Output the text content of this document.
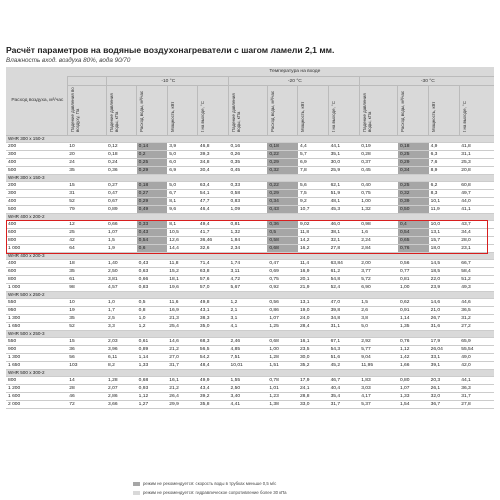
Расчёт параметров на водяные воздухонагреватели с шагом ламели 2,1 мм.
Влажность вход. воздуха 80%, вода 90/70
Расход воздуха, м³/час						Температура на входе							
		-10 °С				-20 °С				-30 °С			
	Падение давления по воздуху, Па	Падение давления воды, кПа	Расход воды, м³/час	Мощность, кВт	t на выходе, °С	Падение давления воды, кПа	Расход воды, м³/час	Мощность, кВт	t на выходе, °С	Падение давления воды, кПа	Расход воды, м³/час	Мощность, кВт	t на выходе, °С
WHR 300 x 150-2													
200	10	0,12	0,14	3,9	46,8	0,16	0,18	4,4	44,1	0,19	0,18	4,9	41,8
300	20	0,18	0,2	5,0	39,3	0,26	0,22	5,7	35,1	0,28	0,25	6,3	31,1
400	24	0,24	0,25	6,0	34,8	0,35	0,29	6,9	30,0	0,37	0,29	7,6	25,3
500	35	0,36	0,29	6,9	30,4	0,45	0,32	7,8	25,9	0,45	0,34	8,9	20,8
WHR 300 x 150-3													
200	15	0,27	0,18	5,0	63,4	0,33	0,22	5,6	62,1	0,40	0,25	6,2	60,8
300	31	0,47	0,27	6,7	54,1	0,58	0,29	7,5	51,9	0,75	0,32	8,3	49,7
400	52	0,67	0,29	8,1	47,7	0,83	0,34	9,2	48,1	1,00	0,39	10,1	44,0
500	79	0,89	0,49	9,6	46,4	1,09	0,43	10,7	45,3	1,32	0,50	11,9	41,1
WHR 400 x 200-2													
400	12	0,66	0,33	8,1	49,4	0,81	0,36	9,02	46,0	0,98	0,4	10,0	43,7
600	25	1,07	0,43	10,5	41,7	1,32	0,5	11,8	38,1	1,6	0,54	13,1	34,4
800	42	1,5	0,54	12,6	36,46	1,84	0,58	14,2	32,1	2,24	0,65	15,7	28,0
1 000	64	1,9	0,6	14,4	32,6	2,34	0,68	16,2	27,8	2,84	0,76	18,0	23,1
WHR 400 x 200-3													
400	18	1,40	0,43	11,8	71,4	1,74	0,47	11,4	63,84	2,00	0,56	14,5	66,7
600	35	2,50	0,63	15,2	63,8	3,11	0,69	16,9	61,2	3,77	0,77	18,5	58,4
800	61	3,81	0,66	18,1	57,6	4,72	0,75	20,1	54,8	5,72	0,81	22,0	51,2
1 000	98	4,57	0,83	19,6	57,0	5,67	0,92	21,9	52,4	6,90	1,00	23,9	49,3
WHR 500 x 250-2													
550	10	1,0	0,5	11,6	49,8	1,2	0,56	13,1	47,0	1,5	0,62	14,6	44,6
950	19	1,7	0,8	16,9	43,1	2,1	0,86	19,0	39,8	2,6	0,91	21,0	36,5
1 300	35	2,5	1,0	21,3	38,3	3,1	1,07	24,0	34,8	3,8	1,14	26,7	31,2
1 650	52	3,3	1,2	25,4	35,0	4,1	1,25	28,4	31,1	5,0	1,35	31,6	27,2
WHR 500 x 250-3													
550	15	2,03	0,61	14,6	68,3	2,46	0,68	16,1	67,1	2,92	0,76	17,9	65,9
900	36	3,96	0,89	21,2	56,5	4,85	1,00	23,5	54,3	5,77	1,12	26,04	55,54
1 300	56	6,11	1,14	27,0	54,2	7,51	1,28	30,0	51,6	9,04	1,42	33,1	49,0
1 650	103	8,2	1,33	31,7	48,4	10,01	1,51	35,2	45,2	11,95	1,66	39,1	42,0
WHR 500 x 300-2													
800	14	1,28	0,68	16,1	49,9	1,55	0,78	17,9	46,7	1,83	0,80	20,3	44,1
1 200	28	2,07	0,93	21,2	43,4	2,50	1,01	24,1	40,4	3,03	1,07	26,1	36,3
1 600	46	2,86	1,12	26,4	39,2	3,40	1,23	28,8	35,4	4,17	1,33	32,0	31,7
2 000	72	3,66	1,27	29,9	35,8	4,41	1,38	33,0	31,7	5,37	1,54	36,7	27,8
режим не рекомендуется: скорость воды в трубках меньше 0,5 м/с
режим не рекомендуется: гидравлическое сопротивление более 30 кПа
